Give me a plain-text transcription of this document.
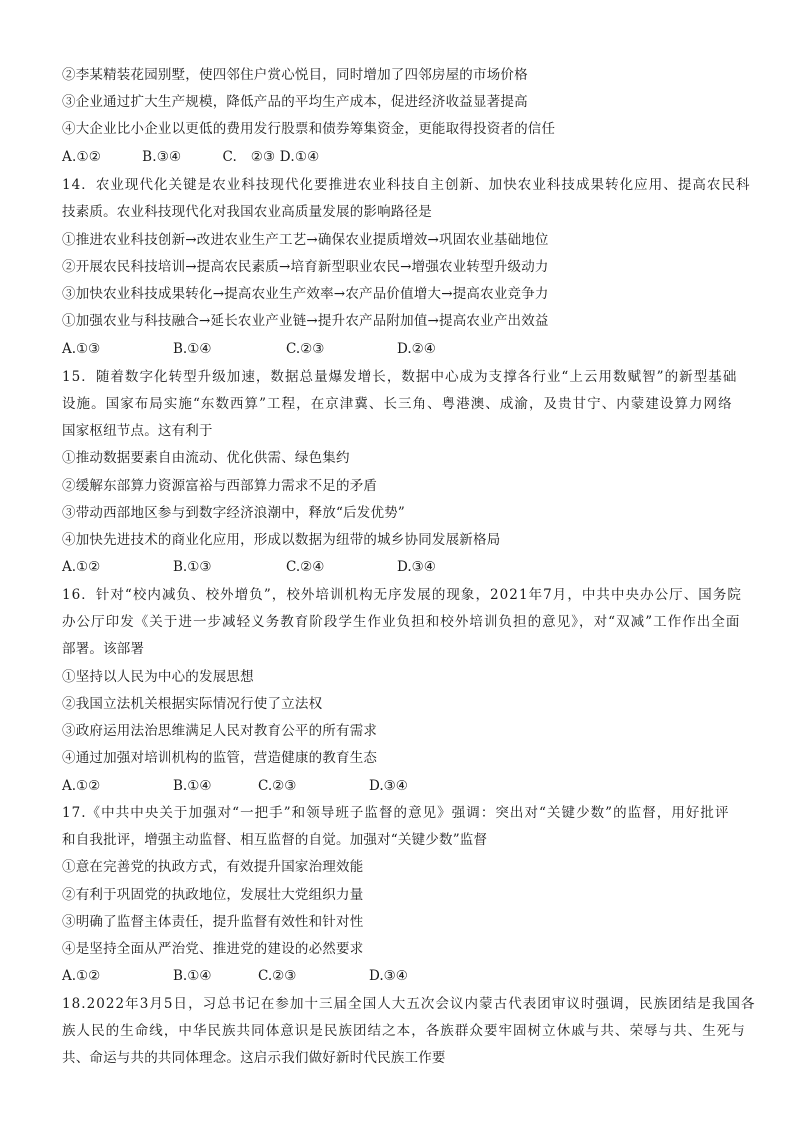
②李某精装花园别墅，使四邻住户赏心悦目，同时增加了四邻房屋的市场价格
③企业通过扩大生产规模，降低产品的平均生产成本，促进经济收益显著提高
④大企业比小企业以更低的费用发行股票和债券筹集资金，更能取得投资者的信任
A.①②　　　B.③④　　　C.　②③ D.①④
14．农业现代化关键是农业科技现代化要推进农业科技自主创新、加快农业科技成果转化应用、提高农民科
技素质。农业科技现代化对我国农业高质量发展的影响路径是
①推进农业科技创新→改进农业生产工艺→确保农业提质增效→巩固农业基础地位
②开展农民科技培训→提高农民素质→培育新型职业农民→增强农业转型升级动力
③加快农业科技成果转化→提高农业生产效率→农产品价值增大→提高农业竞争力
①加强农业与科技融合→延长农业产业链→提升农产品附加值→提高农业产出效益
A.①③	B.①④	C.②③	D.②④
15．随着数字化转型升级加速，数据总量爆发增长，数据中心成为支撑各行业“上云用数赋智”的新型基础
设施。国家布局实施“东数西算”工程，在京津冀、长三角、粤港澳、成渝，及贵甘宁、内蒙建设算力网络
国家枢纽节点。这有利于
①推动数据要素自由流动、优化供需、绿色集约
②缓解东部算力资源富裕与西部算力需求不足的矛盾
③带动西部地区参与到数字经济浪潮中，释放“后发优势”
④加快先进技术的商业化应用，形成以数据为纽带的城乡协同发展新格局
A.①②	B.①③	C.②④	D.③④
16．针对“校内减负、校外增负”，校外培训机构无序发展的现象，2021年7月，中共中央办公厅、国务院
办公厅印发《关于进一步减轻义务教育阶段学生作业负担和校外培训负担的意见》，对“双减”工作作出全面
部署。该部署
①坚持以人民为中心的发展思想
②我国立法机关根据实际情况行使了立法权
③政府运用法治思维满足人民对教育公平的所有需求
④通过加强对培训机构的监管，营造健康的教育生态
A.①②	B.①④	C.②③	D.③④
17.《中共中央关于加强对“一把手”和领导班子监督的意见》强调：突出对“关键少数”的监督，用好批评
和自我批评，增强主动监督、相互监督的自觉。加强对“关键少数”监督
①意在完善党的执政方式，有效提升国家治理效能
②有利于巩固党的执政地位，发展壮大党组织力量
③明确了监督主体责任，提升监督有效性和针对性
④是坚持全面从严治党、推进党的建设的必然要求
A.①②	B.①④	C.②③	D.③④
18.2022年3月5日，习总书记在参加十三届全国人大五次会议内蒙古代表团审议时强调，民族团结是我国各
族人民的生命线，中华民族共同体意识是民族团结之本，各族群众要牢固树立休戚与共、荣辱与共、生死与
共、命运与共的共同体理念。这启示我们做好新时代民族工作要
